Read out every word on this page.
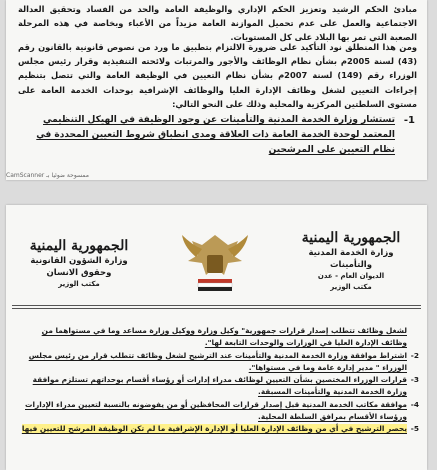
مبادئ الحكم الرشيد وتعزيز الحكم الإداري والوظيفة العامة والحد من الفساد وتحقيق العدالة الاجتماعية والعمل على عدم تحميل الموازنة العامة مزيداً من الأعباء وبخاصة في هذه المرحلة الصعبة التي تمر بها البلاد على كل المستويات.
ومن هذا المنطلق نود التأكيد على ضرورة الالتزام بتطبيق ما ورد من نصوص قانونية بالقانون رقم (43) لسنة 2005م بشأن نظام الوظائف والأجور والمرتبات ولائحته التنفيذية وقرار رئيس مجلس الوزراء رقم (149) لسنة 2007م بشأن نظام التعيين في الوظيفة العامة والتي تتصل بتنظيم إجراءات التعيين لشغل وظائف الإدارة العليا والوظائف الإشرافية بوحدات الخدمة العامة على مستوى السلطتين المركزية والمحلية وذلك على النحو التالي:
1-
تستشار وزارة الخدمة المدنية والتأمينات عن وجود الوظيفة في الهيكل التنظيمي المعتمد لوحدة الخدمة العامة ذات العلاقة ومدى انطباق شروط التعيين المحددة في نظام التعيين على المرشحين
CamScanner ممسوحة ضوئيا بـ
الجمهورية اليمنية
وزارة الخدمة المدنية والتأمينات
الديوان العام - عدن
مكتب الوزير
الجمهورية اليمنية
وزارة الشؤون القانونية
وحقوق الانسان
مكتب الوزير
لشغل وظائف تتطلب إصدار قرارات جمهورية" وكيل وزارة ووكيل وزارة مساعد وما في مستواهما من وظائف الإدارة العليا في الوزارات والوحدات التابعة لها".
2-
اشتراط موافقة وزارة الخدمة المدنية والتأمينات عند الترشيح لشغل وظائف تتطلب قرار من رئيس مجلس الوزراء " مدير إدارة عامة وما في مستواها".
3-
قرارات الوزراء المختصين بشأن التعيين لوظائف مدراء إدارات أو رؤساء أقسام بوحداتهم تستلزم موافقة وزارة الخدمة المدنية والتأمينات المسبقة.
4-
موافقة مكاتب الخدمة المدنية قبل إصدار قرارات المحافظين أو من يفوضونه بالنسبة لتعيين مدراء الإدارات ورؤساء الأقسام بمرافق السلطة المحلية.
5-
يحصر الترشيح في أي من وظائف الإدارة العليا أو الإدارة الإشرافية ما لم تكن الوظيفة المرشح للتعيين فيها
